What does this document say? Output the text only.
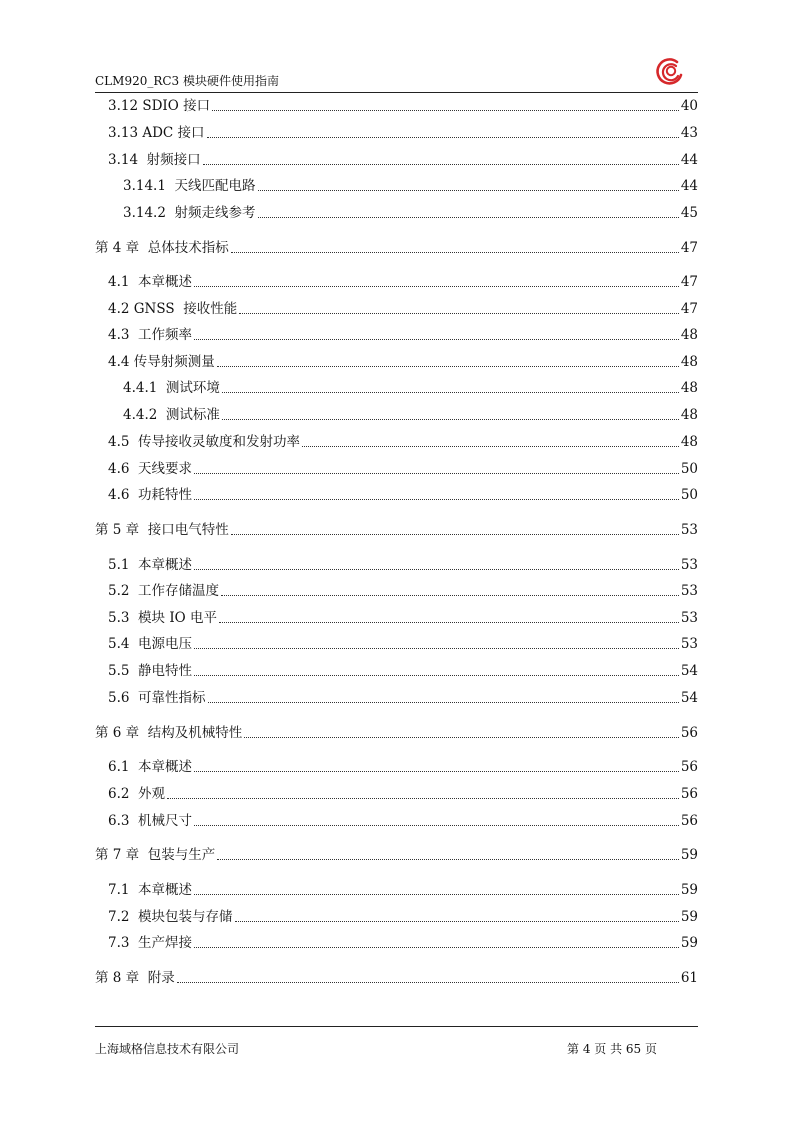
CLM920_RC3 模块硬件使用指南
3.12 SDIO 接口	40
3.13 ADC 接口	43
3.14  射频接口	44
3.14.1  天线匹配电路	44
3.14.2  射频走线参考	45
第 4 章  总体技术指标	47
4.1  本章概述	47
4.2 GNSS  接收性能	47
4.3  工作频率	48
4.4 传导射频测量	48
4.4.1  测试环境	48
4.4.2  测试标准	48
4.5  传导接收灵敏度和发射功率	48
4.6  天线要求	50
4.6  功耗特性	50
第 5 章  接口电气特性	53
5.1  本章概述	53
5.2  工作存储温度	53
5.3  模块 IO 电平	53
5.4  电源电压	53
5.5  静电特性	54
5.6  可靠性指标	54
第 6 章  结构及机械特性	56
6.1  本章概述	56
6.2  外观	56
6.3  机械尺寸	56
第 7 章  包装与生产	59
7.1  本章概述	59
7.2  模块包装与存储	59
7.3  生产焊接	59
第 8 章  附录	61
上海域格信息技术有限公司	第 4 页 共 65 页
